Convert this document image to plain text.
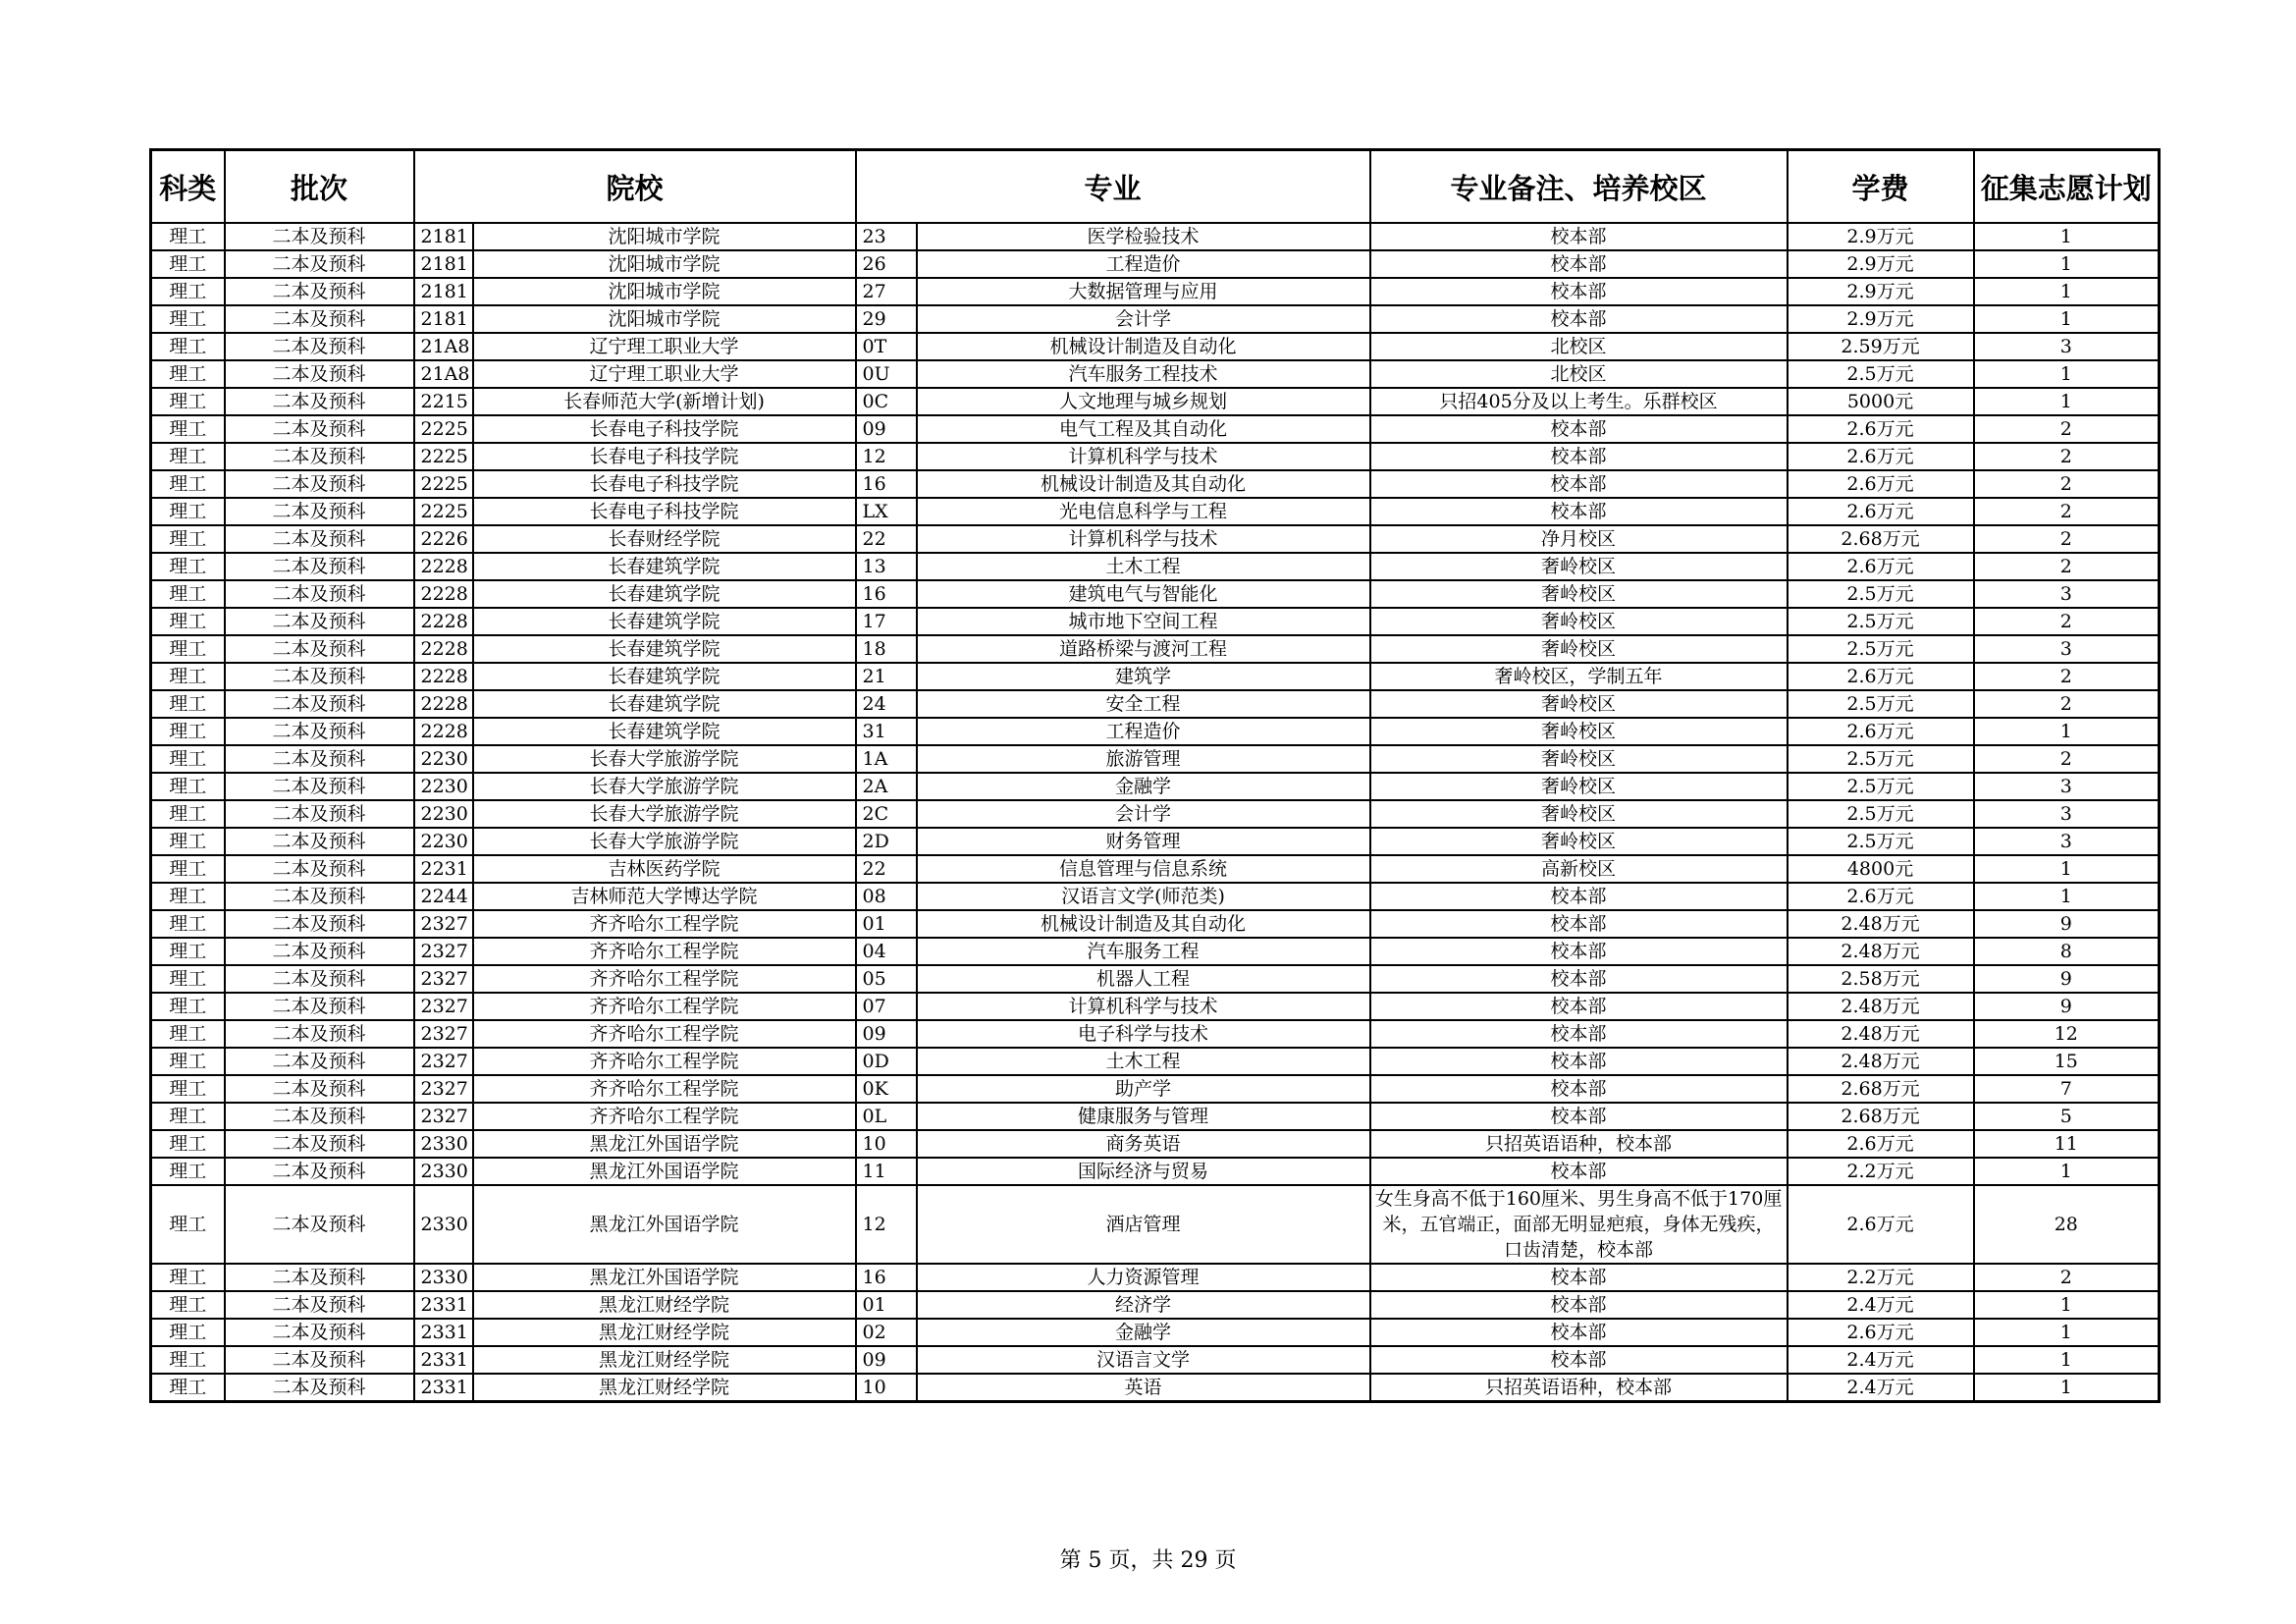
科类	批次	院校		专业		专业备注、培养校区	学费	征集志愿计划
理工	二本及预科	2181	沈阳城市学院	23	医学检验技术	校本部	2.9万元	1
理工	二本及预科	2181	沈阳城市学院	26	工程造价	校本部	2.9万元	1
理工	二本及预科	2181	沈阳城市学院	27	大数据管理与应用	校本部	2.9万元	1
理工	二本及预科	2181	沈阳城市学院	29	会计学	校本部	2.9万元	1
理工	二本及预科	21A8	辽宁理工职业大学	0T	机械设计制造及自动化	北校区	2.59万元	3
理工	二本及预科	21A8	辽宁理工职业大学	0U	汽车服务工程技术	北校区	2.5万元	1
理工	二本及预科	2215	长春师范大学(新增计划)	0C	人文地理与城乡规划	只招405分及以上考生。乐群校区	5000元	1
理工	二本及预科	2225	长春电子科技学院	09	电气工程及其自动化	校本部	2.6万元	2
理工	二本及预科	2225	长春电子科技学院	12	计算机科学与技术	校本部	2.6万元	2
理工	二本及预科	2225	长春电子科技学院	16	机械设计制造及其自动化	校本部	2.6万元	2
理工	二本及预科	2225	长春电子科技学院	LX	光电信息科学与工程	校本部	2.6万元	2
理工	二本及预科	2226	长春财经学院	22	计算机科学与技术	净月校区	2.68万元	2
理工	二本及预科	2228	长春建筑学院	13	土木工程	奢岭校区	2.6万元	2
理工	二本及预科	2228	长春建筑学院	16	建筑电气与智能化	奢岭校区	2.5万元	3
理工	二本及预科	2228	长春建筑学院	17	城市地下空间工程	奢岭校区	2.5万元	2
理工	二本及预科	2228	长春建筑学院	18	道路桥梁与渡河工程	奢岭校区	2.5万元	3
理工	二本及预科	2228	长春建筑学院	21	建筑学	奢岭校区，学制五年	2.6万元	2
理工	二本及预科	2228	长春建筑学院	24	安全工程	奢岭校区	2.5万元	2
理工	二本及预科	2228	长春建筑学院	31	工程造价	奢岭校区	2.6万元	1
理工	二本及预科	2230	长春大学旅游学院	1A	旅游管理	奢岭校区	2.5万元	2
理工	二本及预科	2230	长春大学旅游学院	2A	金融学	奢岭校区	2.5万元	3
理工	二本及预科	2230	长春大学旅游学院	2C	会计学	奢岭校区	2.5万元	3
理工	二本及预科	2230	长春大学旅游学院	2D	财务管理	奢岭校区	2.5万元	3
理工	二本及预科	2231	吉林医药学院	22	信息管理与信息系统	高新校区	4800元	1
理工	二本及预科	2244	吉林师范大学博达学院	08	汉语言文学(师范类)	校本部	2.6万元	1
理工	二本及预科	2327	齐齐哈尔工程学院	01	机械设计制造及其自动化	校本部	2.48万元	9
理工	二本及预科	2327	齐齐哈尔工程学院	04	汽车服务工程	校本部	2.48万元	8
理工	二本及预科	2327	齐齐哈尔工程学院	05	机器人工程	校本部	2.58万元	9
理工	二本及预科	2327	齐齐哈尔工程学院	07	计算机科学与技术	校本部	2.48万元	9
理工	二本及预科	2327	齐齐哈尔工程学院	09	电子科学与技术	校本部	2.48万元	12
理工	二本及预科	2327	齐齐哈尔工程学院	0D	土木工程	校本部	2.48万元	15
理工	二本及预科	2327	齐齐哈尔工程学院	0K	助产学	校本部	2.68万元	7
理工	二本及预科	2327	齐齐哈尔工程学院	0L	健康服务与管理	校本部	2.68万元	5
理工	二本及预科	2330	黑龙江外国语学院	10	商务英语	只招英语语种，校本部	2.6万元	11
理工	二本及预科	2330	黑龙江外国语学院	11	国际经济与贸易	校本部	2.2万元	1
理工	二本及预科	2330	黑龙江外国语学院	12	酒店管理	女生身高不低于160厘米、男生身高不低于170厘米，五官端正，面部无明显疤痕，身体无残疾，口齿清楚，校本部	2.6万元	28
理工	二本及预科	2330	黑龙江外国语学院	16	人力资源管理	校本部	2.2万元	2
理工	二本及预科	2331	黑龙江财经学院	01	经济学	校本部	2.4万元	1
理工	二本及预科	2331	黑龙江财经学院	02	金融学	校本部	2.6万元	1
理工	二本及预科	2331	黑龙江财经学院	09	汉语言文学	校本部	2.4万元	1
理工	二本及预科	2331	黑龙江财经学院	10	英语	只招英语语种，校本部	2.4万元	1
第 5 页，共 29 页
